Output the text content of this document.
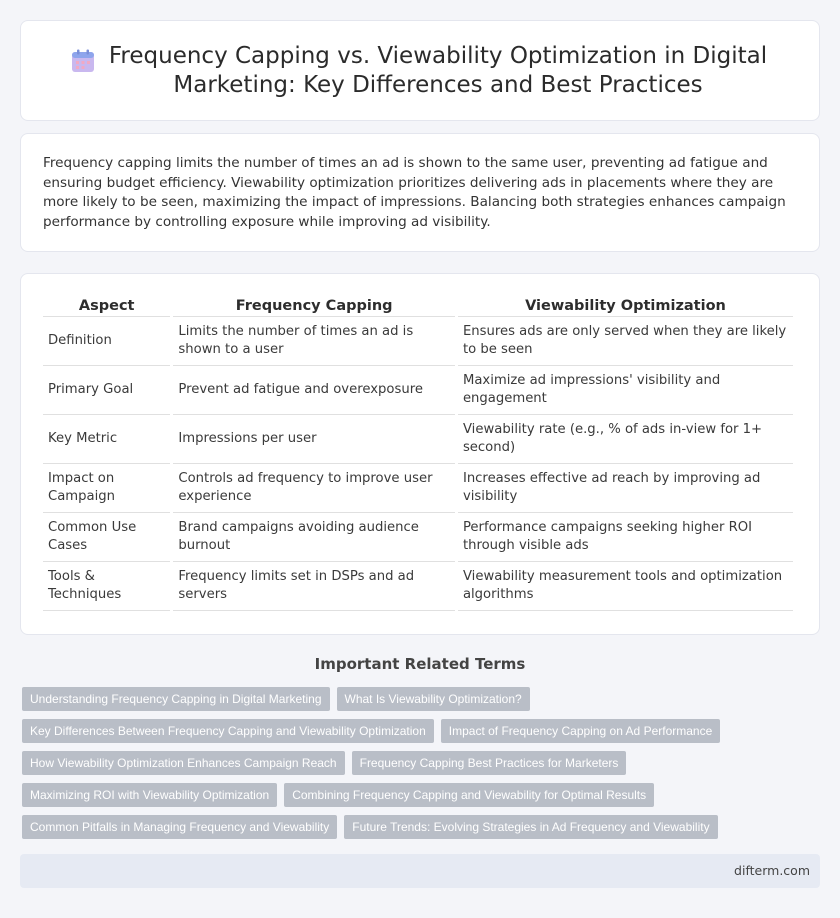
Frequency Capping vs. Viewability Optimization in Digital Marketing: Key Differences and Best Practices

Frequency capping limits the number of times an ad is shown to the same user, preventing ad fatigue and ensuring budget efficiency. Viewability optimization prioritizes delivering ads in placements where they are more likely to be seen, maximizing the impact of impressions. Balancing both strategies enhances campaign performance by controlling exposure while improving ad visibility.

Aspect	Frequency Capping	Viewability Optimization
Definition	Limits the number of times an ad is shown to a user	Ensures ads are only served when they are likely to be seen
Primary Goal	Prevent ad fatigue and overexposure	Maximize ad impressions' visibility and engagement
Key Metric	Impressions per user	Viewability rate (e.g., % of ads in-view for 1+ second)
Impact on Campaign	Controls ad frequency to improve user experience	Increases effective ad reach by improving ad visibility
Common Use Cases	Brand campaigns avoiding audience burnout	Performance campaigns seeking higher ROI through visible ads
Tools & Techniques	Frequency limits set in DSPs and ad servers	Viewability measurement tools and optimization algorithms
Important Related Terms
Understanding Frequency Capping in Digital Marketing	What Is Viewability Optimization?
Key Differences Between Frequency Capping and Viewability Optimization	Impact of Frequency Capping on Ad Performance
How Viewability Optimization Enhances Campaign Reach	Frequency Capping Best Practices for Marketers
Maximizing ROI with Viewability Optimization	Combining Frequency Capping and Viewability for Optimal Results
Common Pitfalls in Managing Frequency and Viewability	Future Trends: Evolving Strategies in Ad Frequency and Viewability
difterm.com
